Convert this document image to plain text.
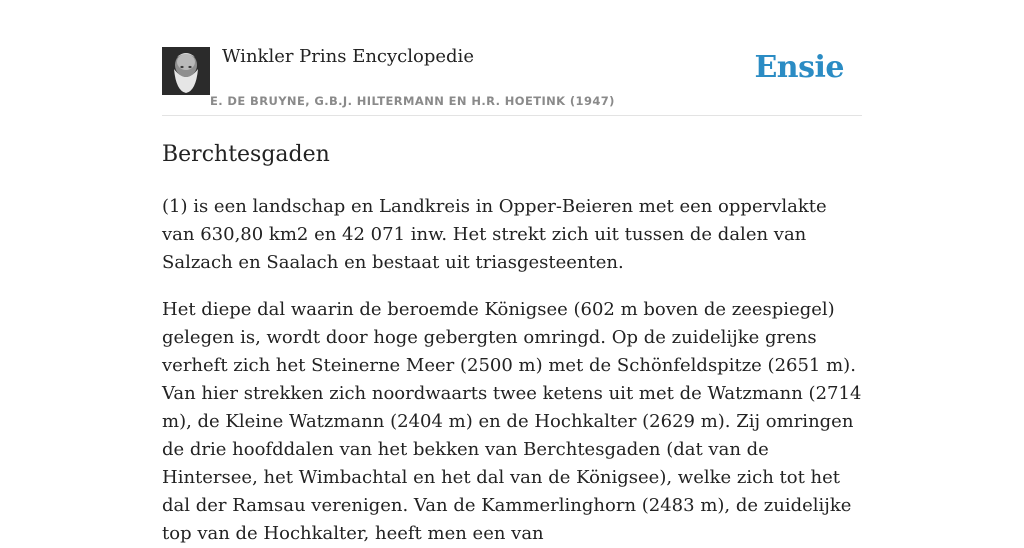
Winkler Prins Encyclopedie
E. DE BRUYNE, G.B.J. HILTERMANN EN H.R. HOETINK (1947)
Ensie
Berchtesgaden

(1) is een landschap en Landkreis in Opper-Beieren met een oppervlakte van 630,80 km2 en 42 071 inw. Het strekt zich uit tussen de dalen van Salzach en Saalach en bestaat uit triasgesteenten.

Het diepe dal waarin de beroemde Königsee (602 m boven de zeespiegel) gelegen is, wordt door hoge gebergten omringd. Op de zuidelijke grens verheft zich het Steinerne Meer (2500 m) met de Schönfeldspitze (2651 m). Van hier strekken zich noordwaarts twee ketens uit met de Watzmann (2714 m), de Kleine Watzmann (2404 m) en de Hochkalter (2629 m). Zij omringen de drie hoofddalen van het bekken van Berchtesgaden (dat van de Hintersee, het Wimbachtal en het dal van de Königsee), welke zich tot het dal der Ramsau verenigen. Van de Kammerlinghorn (2483 m), de zuidelijke top van de Hochkalter, heeft men een van
